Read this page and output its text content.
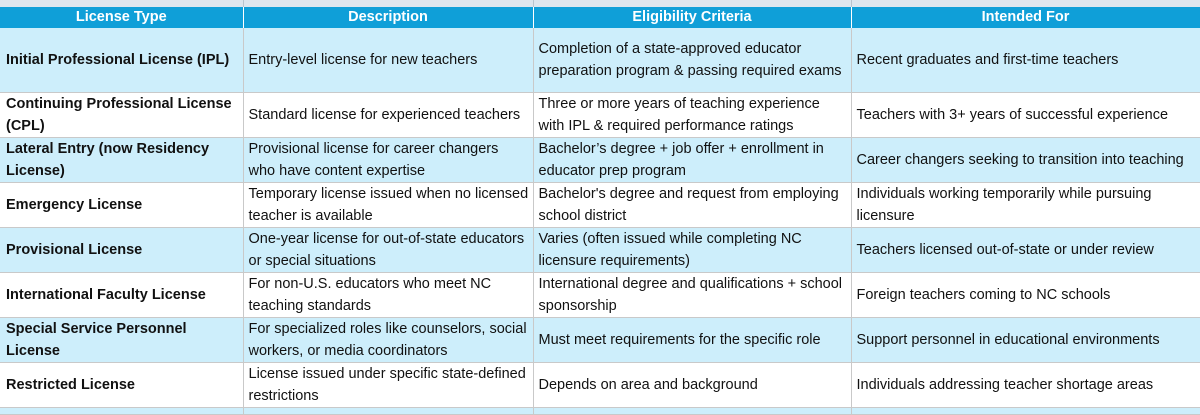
License Type	Description	Eligibility Criteria	Intended For
Initial Professional License (IPL)	Entry-level license for new teachers	Completion of a state-approved educator preparation program & passing required exams	Recent graduates and first-time teachers
Continuing Professional License (CPL)	Standard license for experienced teachers	Three or more years of teaching experience with IPL & required performance ratings	Teachers with 3+ years of successful experience
Lateral Entry (now Residency License)	Provisional license for career changers who have content expertise	Bachelor’s degree + job offer + enrollment in educator prep program	Career changers seeking to transition into teaching
Emergency License	Temporary license issued when no licensed teacher is available	Bachelor's degree and request from employing school district	Individuals working temporarily while pursuing licensure
Provisional License	One-year license for out-of-state educators or special situations	Varies (often issued while completing NC licensure requirements)	Teachers licensed out-of-state or under review
International Faculty License	For non-U.S. educators who meet NC teaching standards	International degree and qualifications + school sponsorship	Foreign teachers coming to NC schools
Special Service Personnel License	For specialized roles like counselors, social workers, or media coordinators	Must meet requirements for the specific role	Support personnel in educational environments
Restricted License	License issued under specific state-defined restrictions	Depends on area and background	Individuals addressing teacher shortage areas
